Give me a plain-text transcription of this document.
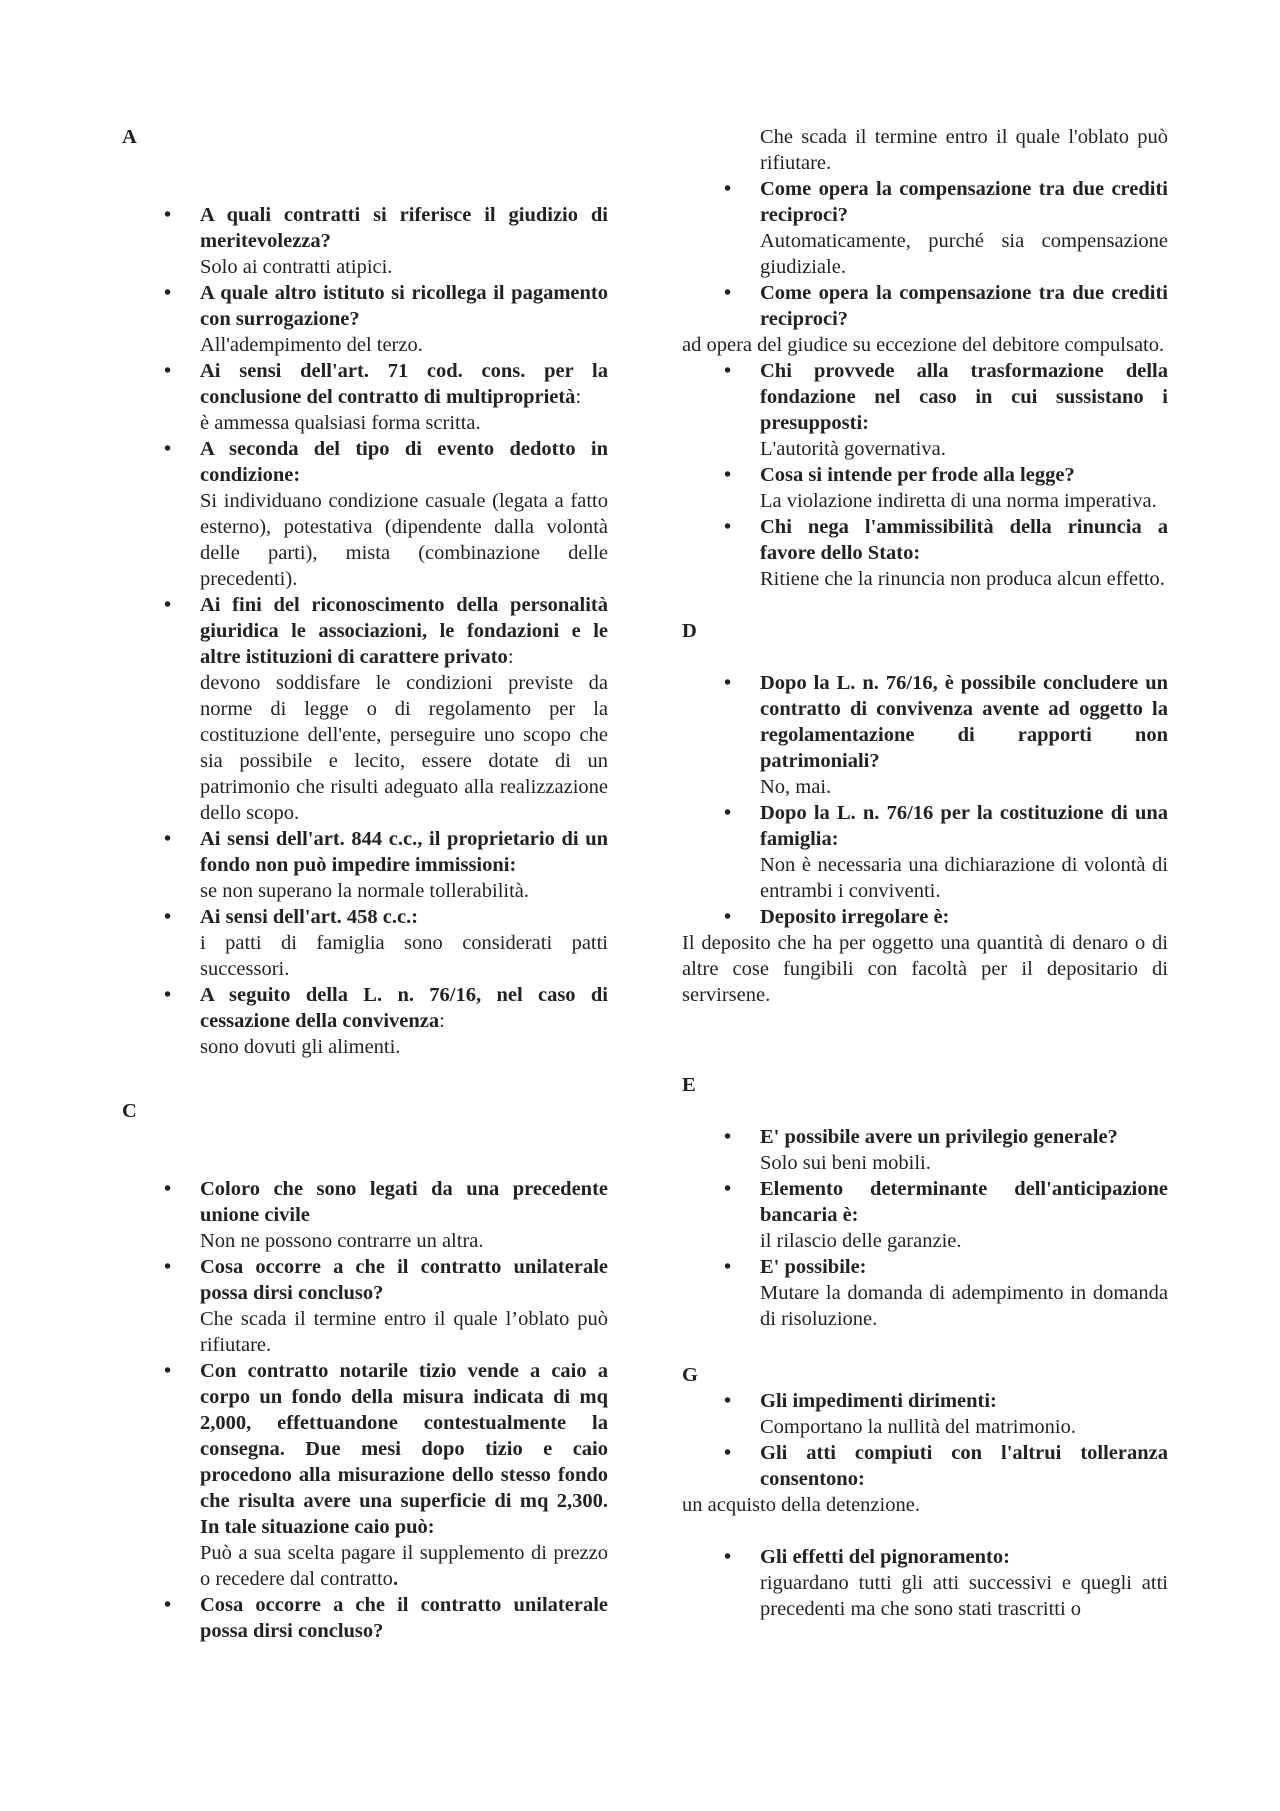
A

• A quali contratti si riferisce il giudizio di meritevolezza?
Solo ai contratti atipici.
• A quale altro istituto si ricollega il pagamento con surrogazione?
All'adempimento del terzo.
• Ai sensi dell'art. 71 cod. cons. per la conclusione del contratto di multiproprietà:
è ammessa qualsiasi forma scritta.
• A seconda del tipo di evento dedotto in condizione:
Si individuano condizione casuale (legata a fatto esterno), potestativa (dipendente dalla volontà delle parti), mista (combinazione delle precedenti).
• Ai fini del riconoscimento della personalità giuridica le associazioni, le fondazioni e le altre istituzioni di carattere privato:
devono soddisfare le condizioni previste da norme di legge o di regolamento per la costituzione dell'ente, perseguire uno scopo che sia possibile e lecito, essere dotate di un patrimonio che risulti adeguato alla realizzazione dello scopo.
• Ai sensi dell'art. 844 c.c., il proprietario di un fondo non può impedire immissioni:
se non superano la normale tollerabilità.
• Ai sensi dell'art. 458 c.c.:
i patti di famiglia sono considerati patti successori.
• A seguito della L. n. 76/16, nel caso di cessazione della convivenza:
sono dovuti gli alimenti.

C

• Coloro che sono legati da una precedente unione civile
Non ne possono contrarre un altra.
• Cosa occorre a che il contratto unilaterale possa dirsi concluso?
Che scada il termine entro il quale l’oblato può rifiutare.
• Con contratto notarile tizio vende a caio a corpo un fondo della misura indicata di mq 2,000, effettuandone contestualmente la consegna. Due mesi dopo tizio e caio procedono alla misurazione dello stesso fondo che risulta avere una superficie di mq 2,300. In tale situazione caio può:
Può a sua scelta pagare il supplemento di prezzo o recedere dal contratto.
• Cosa occorre a che il contratto unilaterale possa dirsi concluso?
Che scada il termine entro il quale l'oblato può rifiutare.
• Come opera la compensazione tra due crediti reciproci?
Automaticamente, purché sia compensazione giudiziale.
• Come opera la compensazione tra due crediti reciproci?

ad opera del giudice su eccezione del debitore compulsato.

• Chi provvede alla trasformazione della fondazione nel caso in cui sussistano i presupposti:
L'autorità governativa.
• Cosa si intende per frode alla legge?
La violazione indiretta di una norma imperativa.
• Chi nega l'ammissibilità della rinuncia a favore dello Stato:
Ritiene che la rinuncia non produca alcun effetto.

D

• Dopo la L. n. 76/16, è possibile concludere un contratto di convivenza avente ad oggetto la regolamentazione di rapporti non patrimoniali?
No, mai.
• Dopo la L. n. 76/16 per la costituzione di una famiglia:
Non è necessaria una dichiarazione di volontà di entrambi i conviventi.
• Deposito irregolare è:

Il deposito che ha per oggetto una quantità di denaro o di altre cose fungibili con facoltà per il depositario di servirsene.

E

• E' possibile avere un privilegio generale?
Solo sui beni mobili.
• Elemento determinante dell'anticipazione bancaria è:
il rilascio delle garanzie.
• E' possibile:
Mutare la domanda di adempimento in domanda di risoluzione.

G

• Gli impedimenti dirimenti:
Comportano la nullità del matrimonio.
• Gli atti compiuti con l'altrui tolleranza consentono:

un acquisto della detenzione.

• Gli effetti del pignoramento:
riguardano tutti gli atti successivi e quegli atti precedenti ma che sono stati trascritti o
